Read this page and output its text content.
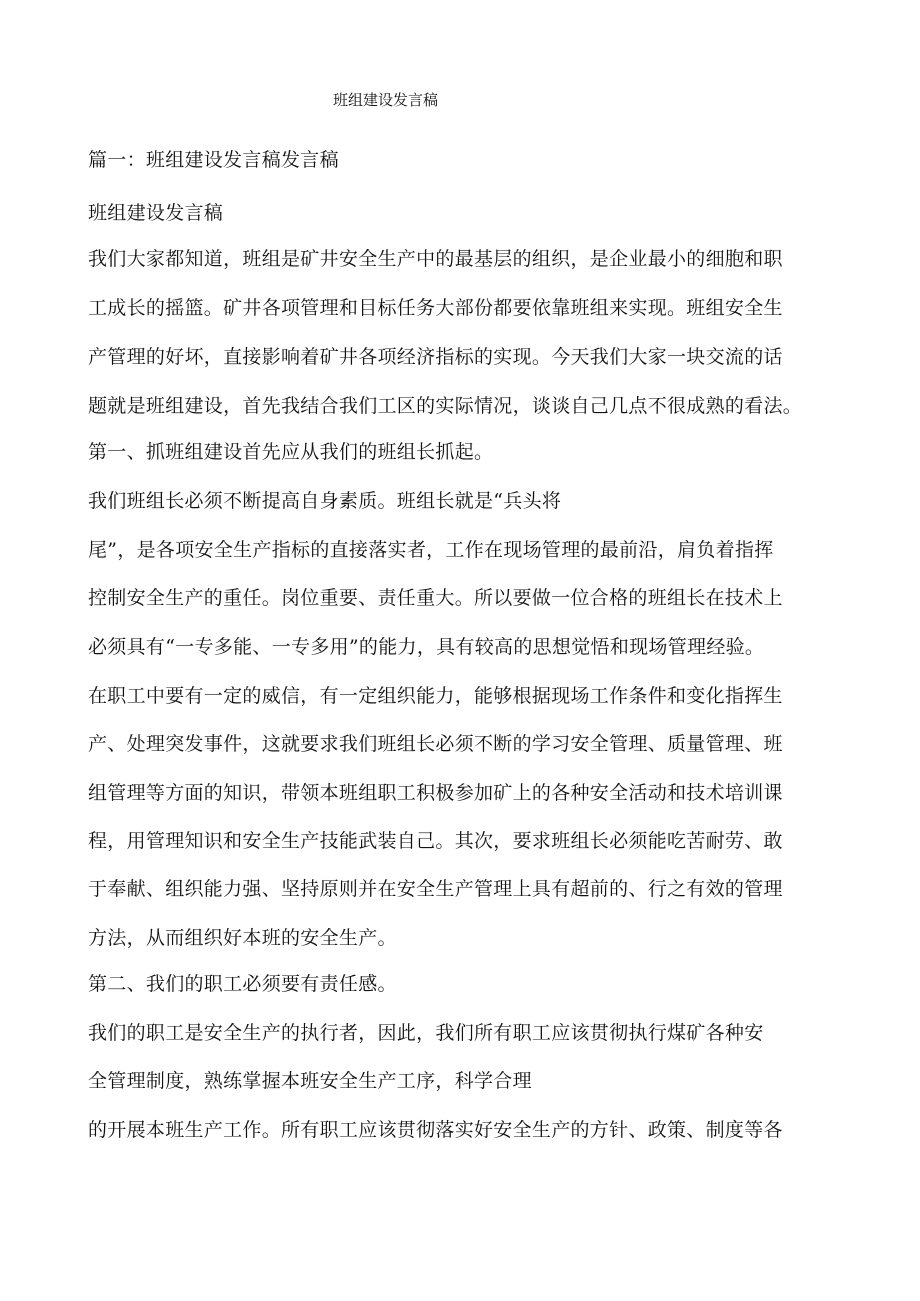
班组建设发言稿
篇一：班组建设发言稿发言稿
班组建设发言稿
我们大家都知道，班组是矿井安全生产中的最基层的组织，是企业最小的细胞和职
工成长的摇篮。矿井各项管理和目标任务大部份都要依靠班组来实现。班组安全生
产管理的好坏，直接影响着矿井各项经济指标的实现。今天我们大家一块交流的话
题就是班组建设，首先我结合我们工区的实际情况，谈谈自己几点不很成熟的看法。
第一、抓班组建设首先应从我们的班组长抓起。
我们班组长必须不断提高自身素质。班组长就是“兵头将
尾”，是各项安全生产指标的直接落实者，工作在现场管理的最前沿，肩负着指挥
控制安全生产的重任。岗位重要、责任重大。所以要做一位合格的班组长在技术上
必须具有“一专多能、一专多用”的能力，具有较高的思想觉悟和现场管理经验。
在职工中要有一定的威信，有一定组织能力，能够根据现场工作条件和变化指挥生
产、处理突发事件，这就要求我们班组长必须不断的学习安全管理、质量管理、班
组管理等方面的知识，带领本班组职工积极参加矿上的各种安全活动和技术培训课
程，用管理知识和安全生产技能武装自己。其次，要求班组长必须能吃苦耐劳、敢
于奉献、组织能力强、坚持原则并在安全生产管理上具有超前的、行之有效的管理
方法，从而组织好本班的安全生产。
第二、我们的职工必须要有责任感。
我们的职工是安全生产的执行者，因此，我们所有职工应该贯彻执行煤矿各种安
全管理制度，熟练掌握本班安全生产工序，科学合理
的开展本班生产工作。所有职工应该贯彻落实好安全生产的方针、政策、制度等各
